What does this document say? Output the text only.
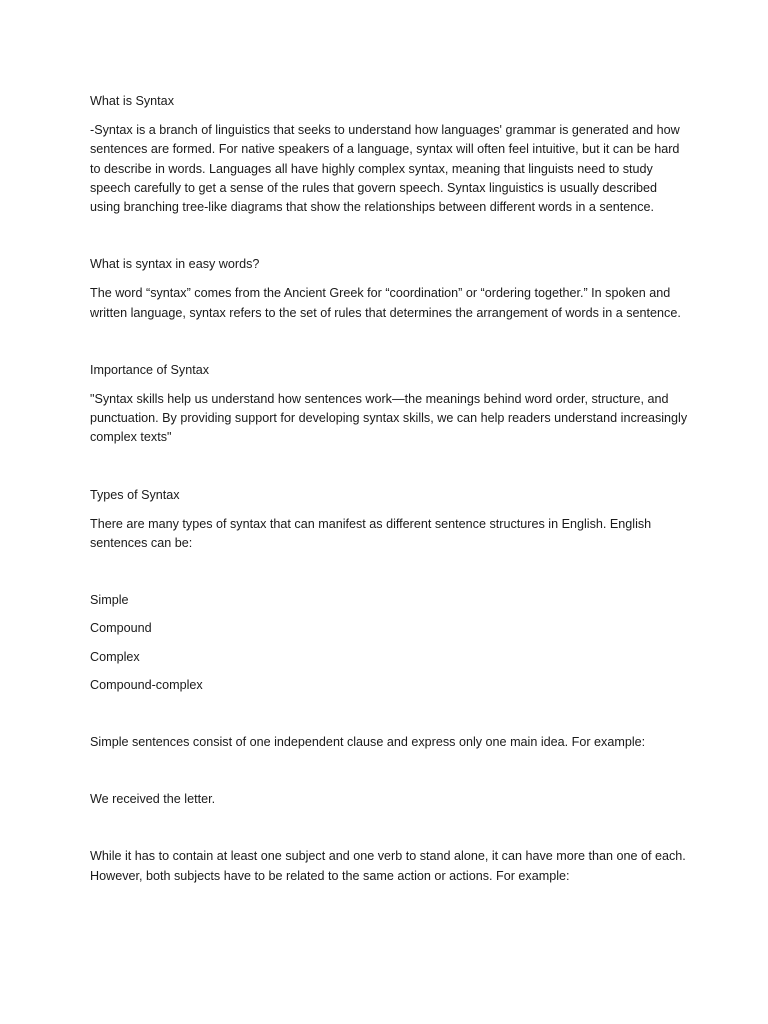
What is Syntax

-Syntax is a branch of linguistics that seeks to understand how languages' grammar is generated and how sentences are formed. For native speakers of a language, syntax will often feel intuitive, but it can be hard to describe in words. Languages all have highly complex syntax, meaning that linguists need to study speech carefully to get a sense of the rules that govern speech. Syntax linguistics is usually described using branching tree-like diagrams that show the relationships between different words in a sentence.

What is syntax in easy words?

The word “syntax” comes from the Ancient Greek for “coordination” or “ordering together.” In spoken and written language, syntax refers to the set of rules that determines the arrangement of words in a sentence.

Importance of Syntax

"Syntax skills help us understand how sentences work—the meanings behind word order, structure, and punctuation. By providing support for developing syntax skills, we can help readers understand increasingly complex texts"

Types of Syntax

There are many types of syntax that can manifest as different sentence structures in English. English sentences can be:

Simple

Compound

Complex

Compound-complex

Simple sentences consist of one independent clause and express only one main idea. For example:

We received the letter.

While it has to contain at least one subject and one verb to stand alone, it can have more than one of each. However, both subjects have to be related to the same action or actions. For example:
